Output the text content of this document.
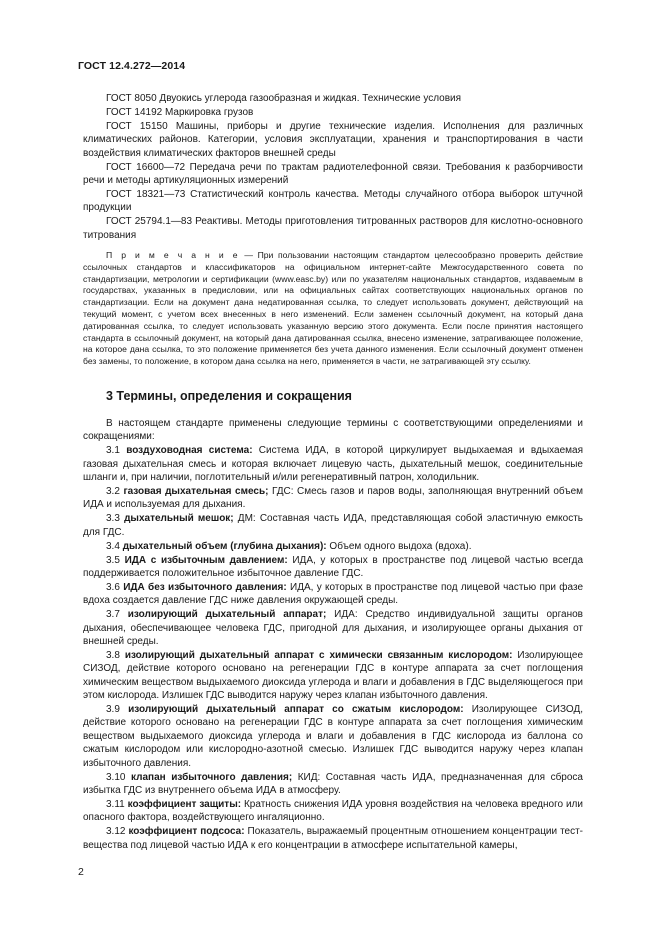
ГОСТ 12.4.272—2014

ГОСТ 8050 Двуокись углерода газообразная и жидкая. Технические условия

ГОСТ 14192 Маркировка грузов

ГОСТ 15150 Машины, приборы и другие технические изделия. Исполнения для различных климатических районов. Категории, условия эксплуатации, хранения и транспортирования в части воздействия климатических факторов внешней среды

ГОСТ 16600—72 Передача речи по трактам радиотелефонной связи. Требования к разборчивости речи и методы артикуляционных измерений

ГОСТ 18321—73 Статистический контроль качества. Методы случайного отбора выборок штучной продукции

ГОСТ 25794.1—83 Реактивы. Методы приготовления титрованных растворов для кислотно-основного титрования

П р и м е ч а н и е — При пользовании настоящим стандартом целесообразно проверить действие ссылочных стандартов и классификаторов на официальном интернет-сайте Межгосударственного совета по стандартизации, метрологии и сертификации (www.easc.by) или по указателям национальных стандартов, издаваемым в государствах, указанных в предисловии, или на официальных сайтах соответствующих национальных органов по стандартизации. Если на документ дана недатированная ссылка, то следует использовать документ, действующий на текущий момент, с учетом всех внесенных в него изменений. Если заменен ссылочный документ, на который дана датированная ссылка, то следует использовать указанную версию этого документа. Если после принятия настоящего стандарта в ссылочный документ, на который дана датированная ссылка, внесено изменение, затрагивающее положение, на которое дана ссылка, то это положение применяется без учета данного изменения. Если ссылочный документ отменен без замены, то положение, в котором дана ссылка на него, применяется в части, не затрагивающей эту ссылку.

3 Термины, определения и сокращения

В настоящем стандарте применены следующие термины с соответствующими определениями и сокращениями:

3.1 воздуховодная система: Система ИДА, в которой циркулирует выдыхаемая и вдыхаемая газовая дыхательная смесь и которая включает лицевую часть, дыхательный мешок, соединительные шланги и, при наличии, поглотительный и/или регенеративный патрон, холодильник.

3.2 газовая дыхательная смесь; ГДС: Смесь газов и паров воды, заполняющая внутренний объем ИДА и используемая для дыхания.

3.3 дыхательный мешок; ДМ: Составная часть ИДА, представляющая собой эластичную емкость для ГДС.

3.4 дыхательный объем (глубина дыхания): Объем одного выдоха (вдоха).

3.5 ИДА с избыточным давлением: ИДА, у которых в пространстве под лицевой частью всегда поддерживается положительное избыточное давление ГДС.

3.6 ИДА без избыточного давления: ИДА, у которых в пространстве под лицевой частью при фазе вдоха создается давление ГДС ниже давления окружающей среды.

3.7 изолирующий дыхательный аппарат; ИДА: Средство индивидуальной защиты органов дыхания, обеспечивающее человека ГДС, пригодной для дыхания, и изолирующее органы дыхания от внешней среды.

3.8 изолирующий дыхательный аппарат с химически связанным кислородом: Изолирующее СИЗОД, действие которого основано на регенерации ГДС в контуре аппарата за счет поглощения химическим веществом выдыхаемого диоксида углерода и влаги и добавления в ГДС выделяющегося при этом кислорода. Излишек ГДС выводится наружу через клапан избыточного давления.

3.9 изолирующий дыхательный аппарат со сжатым кислородом: Изолирующее СИЗОД, действие которого основано на регенерации ГДС в контуре аппарата за счет поглощения химическим веществом выдыхаемого диоксида углерода и влаги и добавления в ГДС кислорода из баллона со сжатым кислородом или кислородно-азотной смесью. Излишек ГДС выводится наружу через клапан избыточного давления.

3.10 клапан избыточного давления; КИД: Составная часть ИДА, предназначенная для сброса избытка ГДС из внутреннего объема ИДА в атмосферу.

3.11 коэффициент защиты: Кратность снижения ИДА уровня воздействия на человека вредного или опасного фактора, воздействующего ингаляционно.

3.12 коэффициент подсоса: Показатель, выражаемый процентным отношением концентрации тест-вещества под лицевой частью ИДА к его концентрации в атмосфере испытательной камеры,

2
